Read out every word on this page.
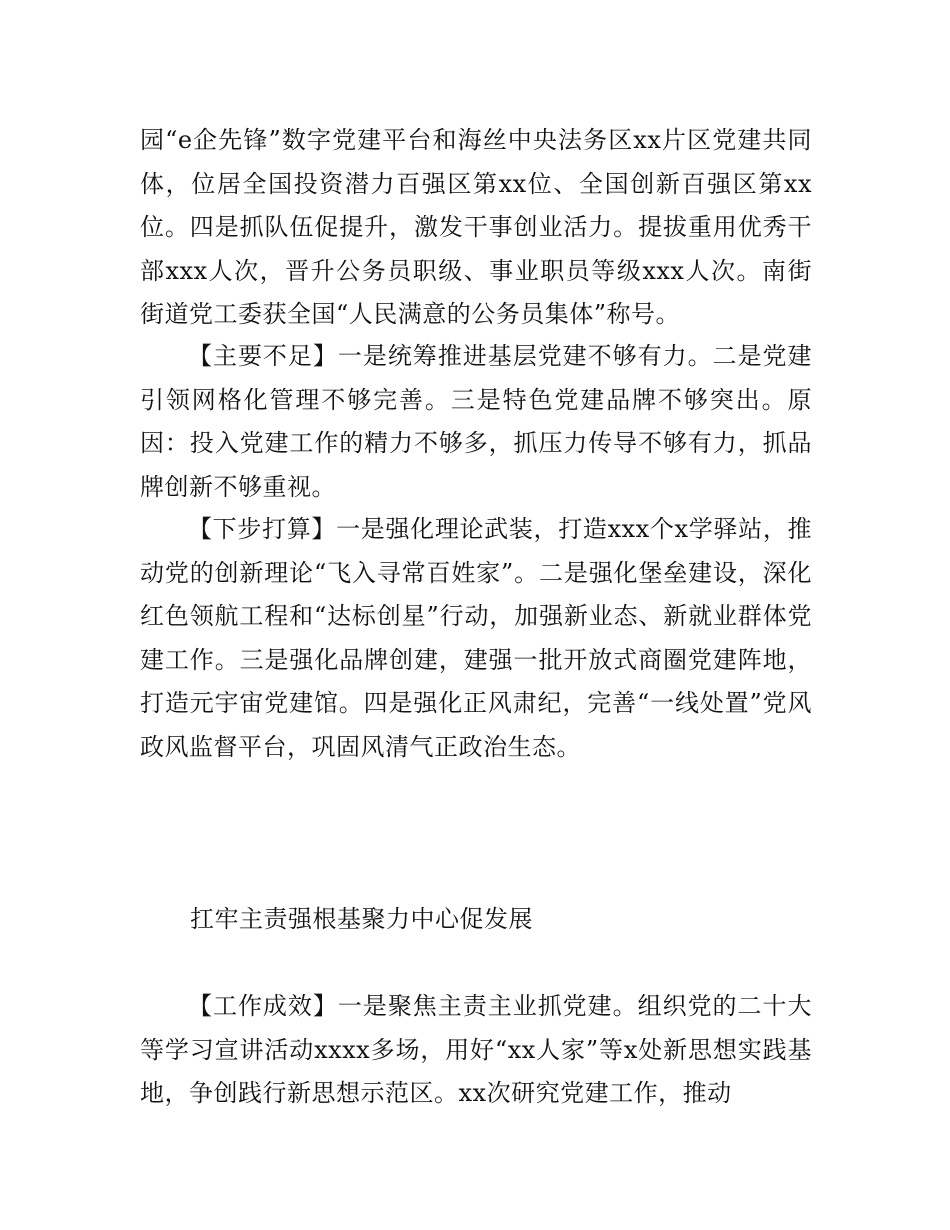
园“e企先锋”数字党建平台和海丝中央法务区xx片区党建共同体，位居全国投资潜力百强区第xx位、全国创新百强区第xx位。四是抓队伍促提升，激发干事创业活力。提拔重用优秀干部xxx人次，晋升公务员职级、事业职员等级xxx人次。南街街道党工委获全国“人民满意的公务员集体”称号。

【主要不足】一是统筹推进基层党建不够有力。二是党建引领网格化管理不够完善。三是特色党建品牌不够突出。原因：投入党建工作的精力不够多，抓压力传导不够有力，抓品牌创新不够重视。

【下步打算】一是强化理论武装，打造xxx个x学驿站，推动党的创新理论“飞入寻常百姓家”。二是强化堡垒建设，深化红色领航工程和“达标创星”行动，加强新业态、新就业群体党建工作。三是强化品牌创建，建强一批开放式商圈党建阵地，打造元宇宙党建馆。四是强化正风肃纪，完善“一线处置”党风政风监督平台，巩固风清气正政治生态。

扛牢主责强根基聚力中心促发展

【工作成效】一是聚焦主责主业抓党建。组织党的二十大等学习宣讲活动xxxx多场，用好“xx人家”等x处新思想实践基地，争创践行新思想示范区。xx次研究党建工作，推动
